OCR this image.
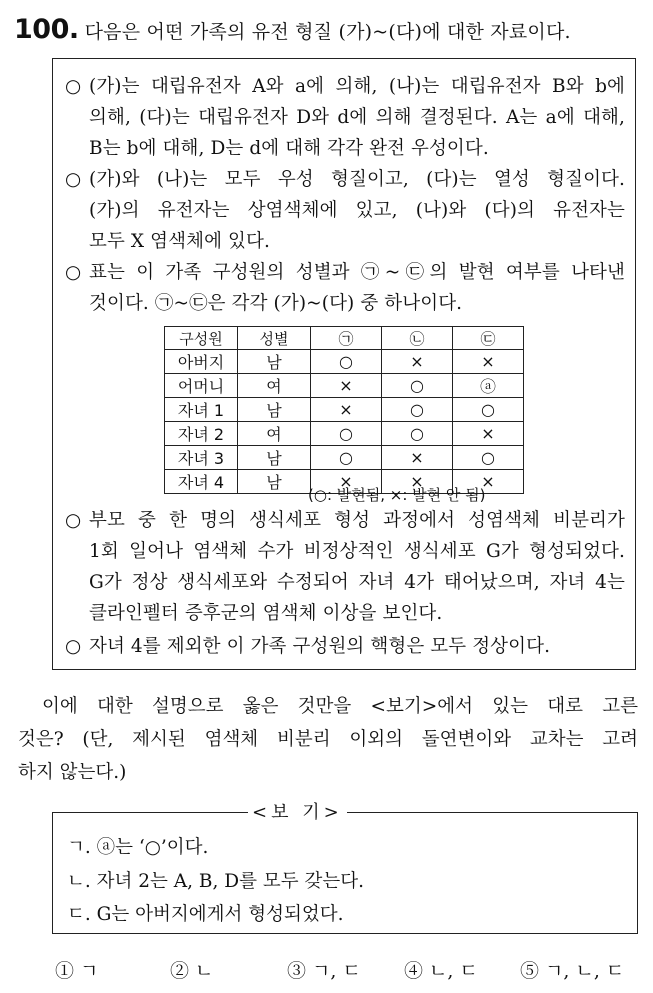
100. 다음은 어떤 가족의 유전 형질 (가)~(다)에 대한 자료이다.
○ (가)는 대립유전자 A와 a에 의해, (나)는 대립유전자 B와 b에
의해, (다)는 대립유전자 D와 d에 의해 결정된다. A는 a에 대해,
B는 b에 대해, D는 d에 대해 각각 완전 우성이다.
○ (가)와 (나)는 모두 우성 형질이고, (다)는 열성 형질이다.
(가)의 유전자는 상염색체에 있고, (나)와 (다)의 유전자는
모두 X 염색체에 있다.
○ 표는 이 가족 구성원의 성별과 ㉠~㉢의 발현 여부를 나타낸
것이다. ㉠~㉢은 각각 (가)~(다) 중 하나이다.
구성원	성별	㉠	㉡	㉢
아버지	남	○	×	×
어머니	여	×	○	ⓐ
자녀 1	남	×	○	○
자녀 2	여	○	○	×
자녀 3	남	○	×	○
자녀 4	남	×	×	×
(○: 발현됨, ×: 발현 안 됨)
○ 부모 중 한 명의 생식세포 형성 과정에서 성염색체 비분리가
1회 일어나 염색체 수가 비정상적인 생식세포 G가 형성되었다.
G가 정상 생식세포와 수정되어 자녀 4가 태어났으며, 자녀 4는
클라인펠터 증후군의 염색체 이상을 보인다.
○ 자녀 4를 제외한 이 가족 구성원의 핵형은 모두 정상이다.
이에 대한 설명으로 옳은 것만을 <보기>에서 있는 대로 고른
것은? (단, 제시된 염색체 비분리 이외의 돌연변이와 교차는 고려
하지 않는다.)
ㄱ. ⓐ는 ‘○’이다.
ㄴ. 자녀 2는 A, B, D를 모두 갖는다.
ㄷ. G는 아버지에게서 형성되었다.
<보 기>
① ㄱ	② ㄴ	③ ㄱ, ㄷ ④ ㄴ, ㄷ ⑤ ㄱ, ㄴ, ㄷ
